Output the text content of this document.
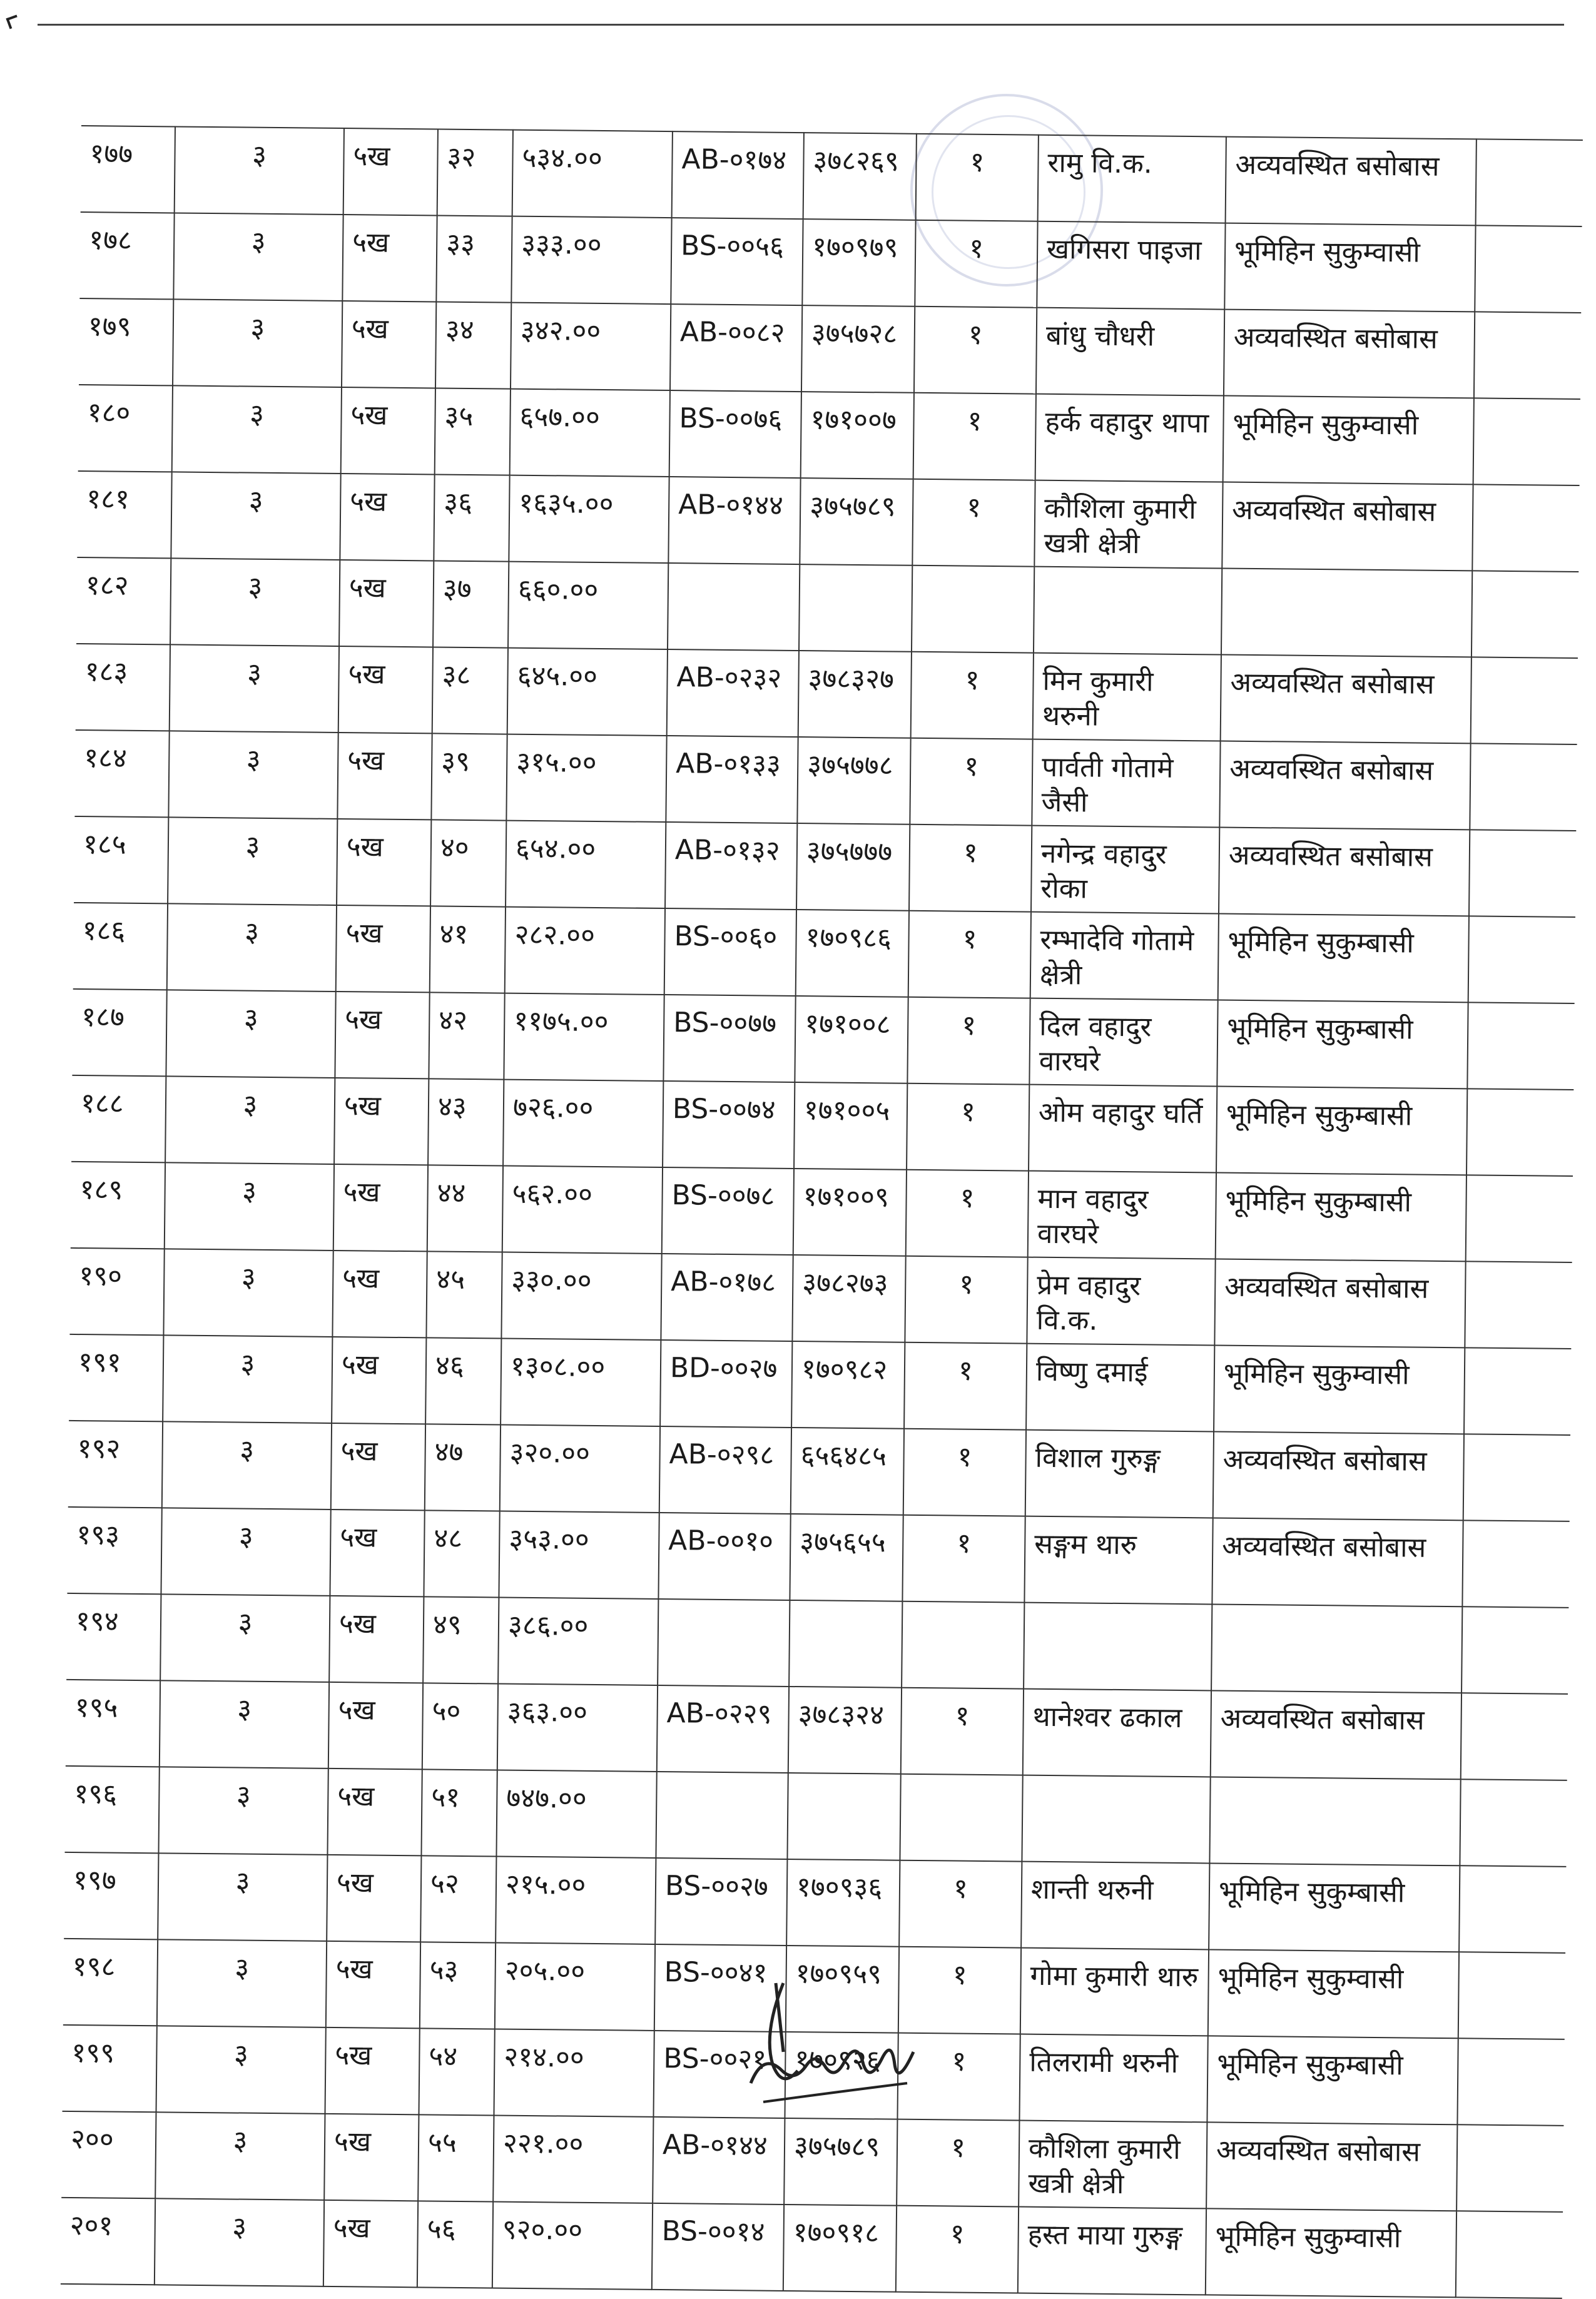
१७७	३	५ख	३२	५३४.००	AB-०१७४	३७८२६९	१	रामु वि.क.	अव्यवस्थित बसोबास	
१७८	३	५ख	३३	३३३.००	BS-००५६	१७०९७९	१	खगिसरा पाइजा	भूमिहिन सुकुम्वासी	
१७९	३	५ख	३४	३४२.००	AB-००८२	३७५७२८	१	बांधु चौधरी	अव्यवस्थित बसोबास	
१८०	३	५ख	३५	६५७.००	BS-००७६	१७१००७	१	हर्क वहादुर थापा	भूमिहिन सुकुम्वासी	
१८१	३	५ख	३६	१६३५.००	AB-०१४४	३७५७८९	१	कौशिला कुमारी खत्री क्षेत्री	अव्यवस्थित बसोबास	
१८२	३	५ख	३७	६६०.००						
१८३	३	५ख	३८	६४५.००	AB-०२३२	३७८३२७	१	मिन कुमारी थरुनी	अव्यवस्थित बसोबास	
१८४	३	५ख	३९	३१५.००	AB-०१३३	३७५७७८	१	पार्वती गोतामे जैसी	अव्यवस्थित बसोबास	
१८५	३	५ख	४०	६५४.००	AB-०१३२	३७५७७७	१	नगेन्द्र वहादुर रोका	अव्यवस्थित बसोबास	
१८६	३	५ख	४१	२८२.००	BS-००६०	१७०९८६	१	रम्भादेवि गोतामे क्षेत्री	भूमिहिन सुकुम्बासी	
१८७	३	५ख	४२	११७५.००	BS-००७७	१७१००८	१	दिल वहादुर वारघरे	भूमिहिन सुकुम्बासी	
१८८	३	५ख	४३	७२६.००	BS-००७४	१७१००५	१	ओम वहादुर घर्ति	भूमिहिन सुकुम्बासी	
१८९	३	५ख	४४	५६२.००	BS-००७८	१७१००९	१	मान वहादुर वारघरे	भूमिहिन सुकुम्बासी	
१९०	३	५ख	४५	३३०.००	AB-०१७८	३७८२७३	१	प्रेम वहादुर वि.क.	अव्यवस्थित बसोबास	
१९१	३	५ख	४६	१३०८.००	BD-००२७	१७०९८२	१	विष्णु दमाई	भूमिहिन सुकुम्वासी	
१९२	३	५ख	४७	३२०.००	AB-०२९८	६५६४८५	१	विशाल गुरुङ्ग	अव्यवस्थित बसोबास	
१९३	३	५ख	४८	३५३.००	AB-००१०	३७५६५५	१	सङ्गम थारु	अव्यवस्थित बसोबास	
१९४	३	५ख	४९	३८६.००						
१९५	३	५ख	५०	३६३.००	AB-०२२९	३७८३२४	१	थानेश्वर ढकाल	अव्यवस्थित बसोबास	
१९६	३	५ख	५१	७४७.००						
१९७	३	५ख	५२	२१५.००	BS-००२७	१७०९३६	१	शान्ती थरुनी	भूमिहिन सुकुम्बासी	
१९८	३	५ख	५३	२०५.००	BS-००४१	१७०९५९	१	गोमा कुमारी थारु	भूमिहिन सुकुम्वासी	
१९९	३	५ख	५४	२१४.००	BS-००२१	१७०९२६	१	तिलरामी थरुनी	भूमिहिन सुकुम्बासी	
२००	३	५ख	५५	२२१.००	AB-०१४४	३७५७८९	१	कौशिला कुमारी खत्री क्षेत्री	अव्यवस्थित बसोबास	
२०१	३	५ख	५६	९२०.००	BS-००१४	१७०९१८	१	हस्त माया गुरुङ्ग	भूमिहिन सुकुम्वासी	
